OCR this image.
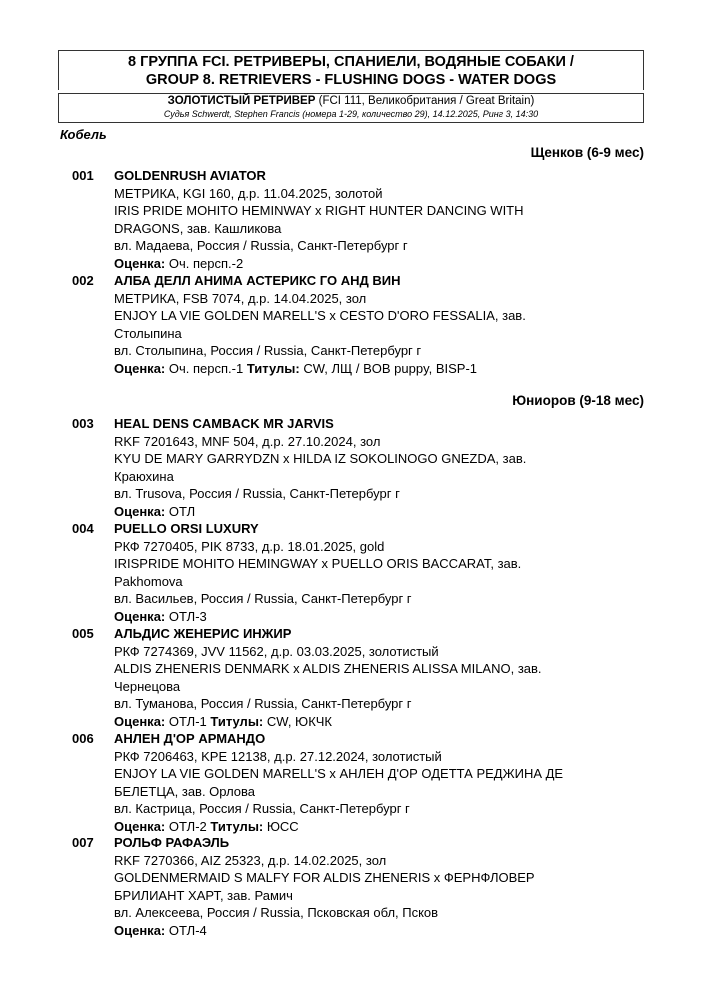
8 ГРУППА FCI. РЕТРИВЕРЫ, СПАНИЕЛИ, ВОДЯНЫЕ СОБАКИ /
GROUP 8. RETRIEVERS - FLUSHING DOGS - WATER DOGS
ЗОЛОТИСТЫЙ РЕТРИВЕР (FCI 111, Великобритания / Great Britain)
Судья Schwerdt, Stephen Francis (номера 1-29, количество 29), 14.12.2025, Ринг 3, 14:30
Кобель
Щенков (6-9 мес)
Юниоров (9-18 мес)
001 GOLDENRUSH AVIATOR
МЕТРИКА, KGI 160, д.р. 11.04.2025, золотой
IRIS PRIDE MOHITO HEMINWAY x RIGHT HUNTER DANCING WITH
DRAGONS, зав. Кашликова
вл. Мадаева, Россия / Russia, Санкт-Петербург г
Оценка: Оч. персп.-2
002 АЛБА ДЕЛЛ АНИМА АСТЕРИКС ГО АНД ВИН
МЕТРИКА, FSB 7074, д.р. 14.04.2025, зол
ENJOY LA VIE GOLDEN MARELL'S x CESTO D'ORO FESSALIA, зав.
Столыпина
вл. Столыпина, Россия / Russia, Санкт-Петербург г
Оценка: Оч. персп.-1 Титулы: CW, ЛЩ / BOB puppy, BISP-1
003 HEAL DENS CAMBACK MR JARVIS
RKF 7201643, MNF 504, д.р. 27.10.2024, зол
KYU DE MARY GARRYDZN x HILDA IZ SOKOLINOGO GNEZDA, зав.
Краюхина
вл. Trusova, Россия / Russia, Санкт-Петербург г
Оценка: ОТЛ
004 PUELLO ORSI LUXURY
РКФ 7270405, PIK 8733, д.р. 18.01.2025, gold
IRISPRIDE MOHITO HEMINGWAY x PUELLO ORIS BACCARAT, зав.
Pakhomova
вл. Васильев, Россия / Russia, Санкт-Петербург г
Оценка: ОТЛ-3
005 АЛЬДИС ЖЕНЕРИС ИНЖИР
РКФ 7274369, JVV 11562, д.р. 03.03.2025, золотистый
ALDIS ZHENERIS DENMARK x ALDIS ZHENERIS ALISSA MILANO, зав.
Чернецова
вл. Туманова, Россия / Russia, Санкт-Петербург г
Оценка: ОТЛ-1 Титулы: CW, ЮКЧК
006 АНЛЕН Д'ОР АРМАНДО
РКФ 7206463, KPE 12138, д.р. 27.12.2024, золотистый
ENJOY LA VIE GOLDEN MARELL'S x АНЛЕН Д'ОР ОДЕТТА РЕДЖИНА ДЕ
БЕЛЕТЦА, зав. Орлова
вл. Кастрица, Россия / Russia, Санкт-Петербург г
Оценка: ОТЛ-2 Титулы: ЮСС
007 РОЛЬФ РАФАЭЛЬ
RKF 7270366, AIZ 25323, д.р. 14.02.2025, зол
GOLDENMERMAID S MALFY FOR ALDIS ZHENERIS x ФЕРНФЛОВЕР
БРИЛИАНТ ХАРТ, зав. Рамич
вл. Алексеева, Россия / Russia, Псковская обл, Псков
Оценка: ОТЛ-4
